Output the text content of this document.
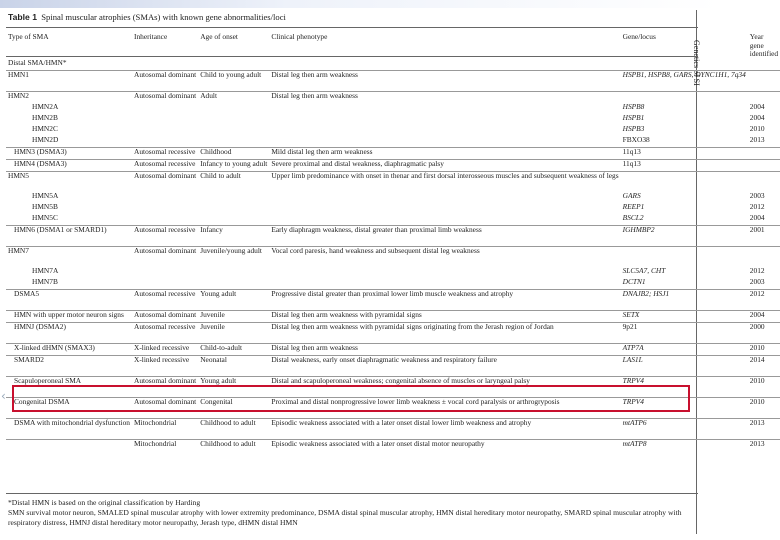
Genetics of SI
‹
Table 1 Spinal muscular atrophies (SMAs) with known gene abnormalities/loci
Type of SMA	Inheritance	Age of onset	Clinical phenotype	Gene/locus	Year gene identified
Distal SMA/HMN*					
HMN1	Autosomal dominant	Child to young adult	Distal leg then arm weakness	HSPB1, HSPB8, GARS, DYNC1H1, 7q34	
HMN2	Autosomal dominant	Adult	Distal leg then arm weakness		
HMN2A				HSPB8	2004
HMN2B				HSPB1	2004
HMN2C				HSPB3	2010
HMN2D				FBXO38	2013
HMN3 (DSMA3)	Autosomal recessive	Childhood	Mild distal leg then arm weakness	11q13	
HMN4 (DSMA3)	Autosomal recessive	Infancy to young adult	Severe proximal and distal weakness, diaphragmatic palsy	11q13	
HMN5	Autosomal dominant	Child to adult	Upper limb predominance with onset in thenar and first dorsal interosseous muscles and subsequent weakness of legs		
HMN5A				GARS	2003
HMN5B				REEP1	2012
HMN5C				BSCL2	2004
HMN6 (DSMA1 or SMARD1)	Autosomal recessive	Infancy	Early diaphragm weakness, distal greater than proximal limb weakness	IGHMBP2	2001
HMN7	Autosomal dominant	Juvenile/young adult	Vocal cord paresis, hand weakness and subsequent distal leg weakness		
HMN7A				SLC5A7, CHT	2012
HMN7B				DCTN1	2003
DSMA5	Autosomal recessive	Young adult	Progressive distal greater than proximal lower limb muscle weakness and atrophy	DNAJB2; HSJ1	2012
HMN with upper motor neuron signs	Autosomal dominant	Juvenile	Distal leg then arm weakness with pyramidal signs	SETX	2004
HMNJ (DSMA2)	Autosomal recessive	Juvenile	Distal leg then arm weakness with pyramidal signs originating from the Jerash region of Jordan	9p21	2000
X-linked dHMN (SMAX3)	X-linked recessive	Child-to-adult	Distal leg then arm weakness	ATP7A	2010
SMARD2	X-linked recessive	Neonatal	Distal weakness, early onset diaphragmatic weakness and respiratory failure	LAS1L	2014
Scapuloperoneal SMA	Autosomal dominant	Young adult	Distal and scapuloperoneal weakness; congenital absence of muscles or laryngeal palsy	TRPV4	2010
Congenital DSMA	Autosomal dominant	Congenital	Proximal and distal nonprogressive lower limb weakness ± vocal cord paralysis or arthrogryposis	TRPV4	2010
DSMA with mitochondrial dysfunction	Mitochondrial	Childhood to adult	Episodic weakness associated with a later onset distal lower limb weakness and atrophy	mtATP6	2013
	Mitochondrial	Childhood to adult	Episodic weakness associated with a later onset distal motor neuropathy	mtATP8	2013
*Distal HMN is based on the original classification by Harding
SMN survival motor neuron, SMALED spinal muscular atrophy with lower extremity predominance, DSMA distal spinal muscular atrophy, HMN distal hereditary motor neuropathy, SMARD spinal muscular atrophy with respiratory distress, HMNJ distal hereditary motor neuropathy, Jerash type, dHMN distal HMN
